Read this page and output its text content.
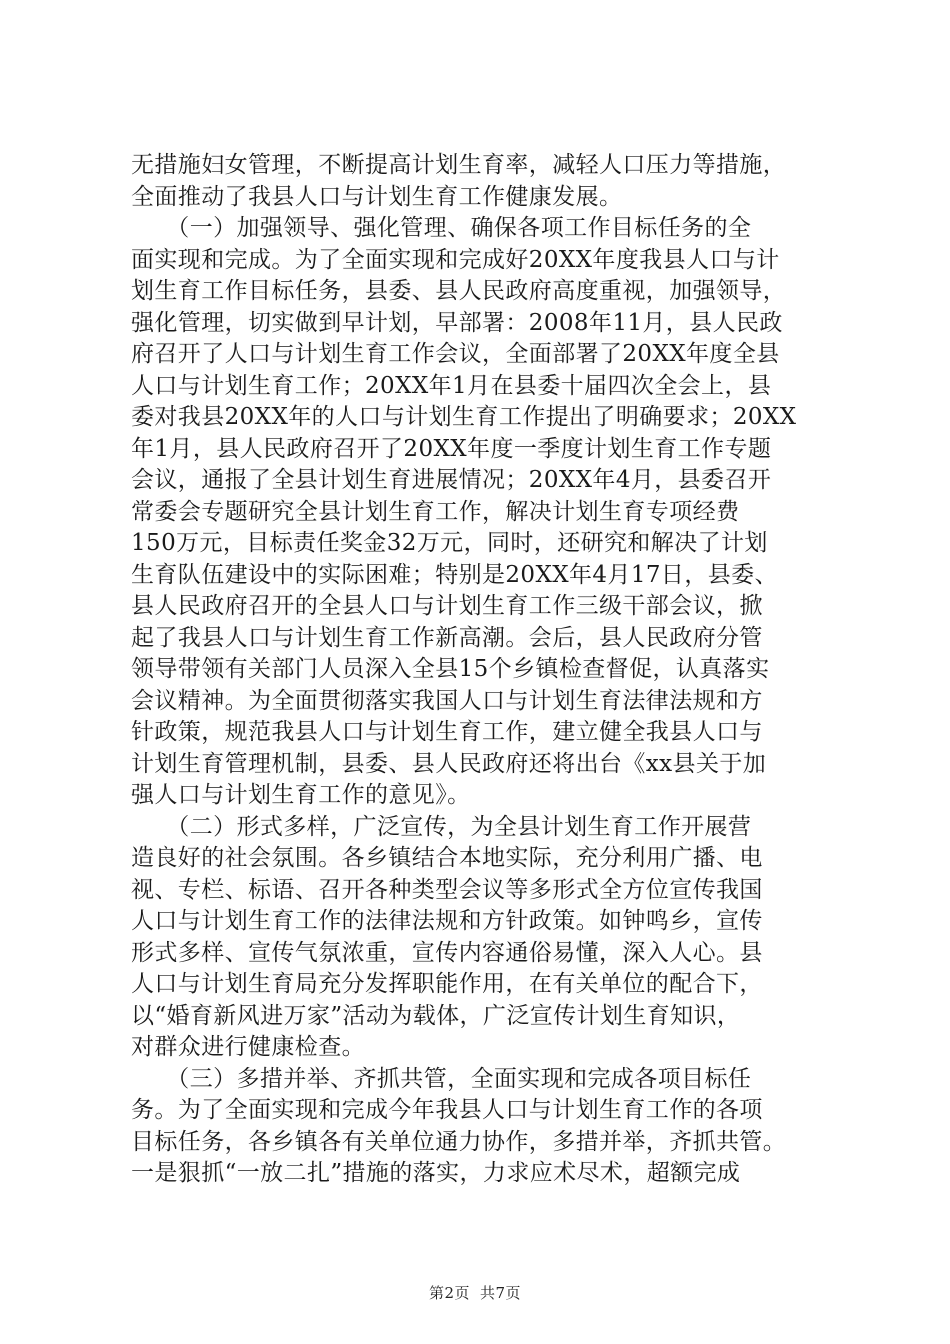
无措施妇女管理，不断提高计划生育率，减轻人口压力等措施，
全面推动了我县人口与计划生育工作健康发展。
　　（一）加强领导、强化管理、确保各项工作目标任务的全
面实现和完成。为了全面实现和完成好20XX年度我县人口与计
划生育工作目标任务，县委、县人民政府高度重视，加强领导，
强化管理，切实做到早计划，早部署：2008年11月，县人民政
府召开了人口与计划生育工作会议，全面部署了20XX年度全县
人口与计划生育工作；20XX年1月在县委十届四次全会上，县
委对我县20XX年的人口与计划生育工作提出了明确要求；20XX
年1月，县人民政府召开了20XX年度一季度计划生育工作专题
会议，通报了全县计划生育进展情况；20XX年4月，县委召开
常委会专题研究全县计划生育工作，解决计划生育专项经费
150万元，目标责任奖金32万元，同时，还研究和解决了计划
生育队伍建设中的实际困难；特别是20XX年4月17日，县委、
县人民政府召开的全县人口与计划生育工作三级干部会议，掀
起了我县人口与计划生育工作新高潮。会后，县人民政府分管
领导带领有关部门人员深入全县15个乡镇检查督促，认真落实
会议精神。为全面贯彻落实我国人口与计划生育法律法规和方
针政策，规范我县人口与计划生育工作，建立健全我县人口与
计划生育管理机制，县委、县人民政府还将出台《xx县关于加
强人口与计划生育工作的意见》。
　　（二）形式多样，广泛宣传，为全县计划生育工作开展营
造良好的社会氛围。各乡镇结合本地实际，充分利用广播、电
视、专栏、标语、召开各种类型会议等多形式全方位宣传我国
人口与计划生育工作的法律法规和方针政策。如钟鸣乡，宣传
形式多样、宣传气氛浓重，宣传内容通俗易懂，深入人心。县
人口与计划生育局充分发挥职能作用，在有关单位的配合下，
以“婚育新风进万家”活动为载体，广泛宣传计划生育知识，
对群众进行健康检查。
　　（三）多措并举、齐抓共管，全面实现和完成各项目标任
务。为了全面实现和完成今年我县人口与计划生育工作的各项
目标任务，各乡镇各有关单位通力协作，多措并举，齐抓共管。
一是狠抓“一放二扎”措施的落实，力求应术尽术，超额完成
第2页 共7页
